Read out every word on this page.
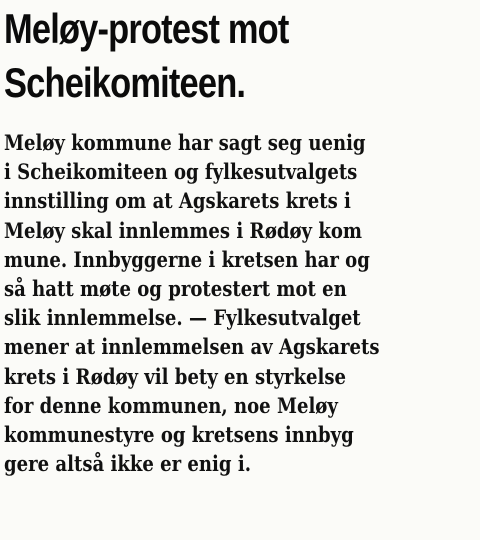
Meløy-protest mot
Scheikomiteen.
Meløy kommune har sagt seg uenig
i Scheikomiteen og fylkesutvalgets
innstilling om at Agskarets krets i
Meløy skal innlemmes i Rødøy kom
mune. Innbyggerne i kretsen har og
så hatt møte og protestert mot en
slik innlemmelse. — Fylkesutvalget
mener at innlemmelsen av Agskarets
krets i Rødøy vil bety en styrkelse
for denne kommunen, noe Meløy
kommunestyre og kretsens innbyg
gere altså ikke er enig i.
